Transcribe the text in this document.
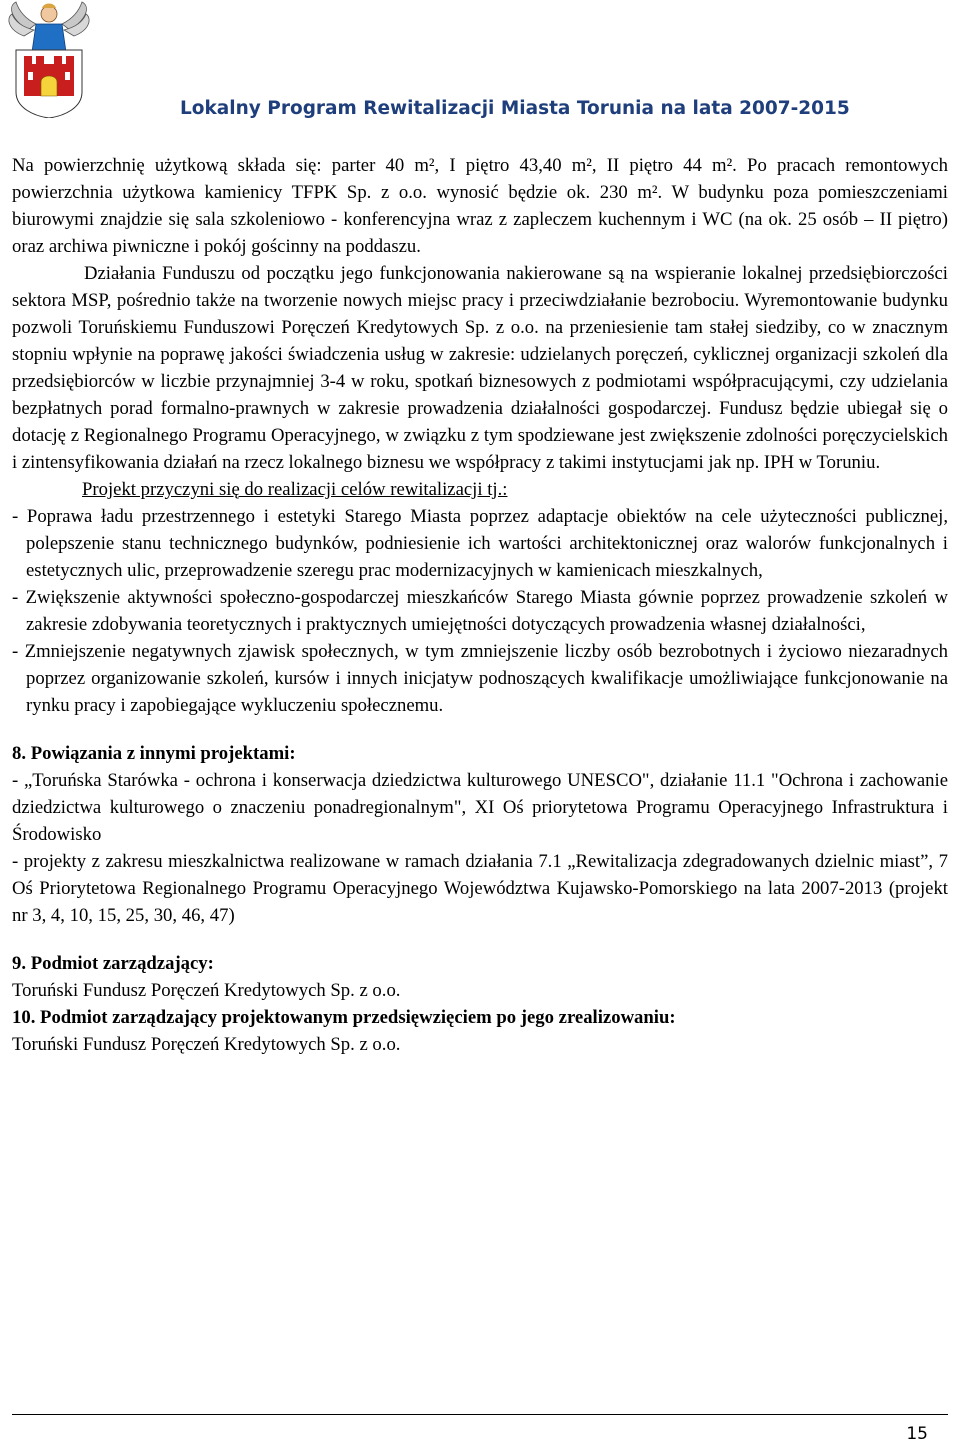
Lokalny Program Rewitalizacji Miasta Torunia na lata 2007-2015

Na powierzchnię użytkową składa się: parter 40 m², I piętro 43,40 m², II piętro 44 m². Po pracach remontowych powierzchnia użytkowa kamienicy TFPK Sp. z o.o. wynosić będzie ok. 230 m². W budynku poza pomieszczeniami biurowymi znajdzie się sala szkoleniowo - konferencyjna wraz z zapleczem kuchennym i WC (na ok. 25 osób – II piętro) oraz archiwa piwniczne i pokój gościnny na poddaszu.

Działania Funduszu od początku jego funkcjonowania nakierowane są na wspieranie lokalnej przedsiębiorczości sektora MSP, pośrednio także na tworzenie nowych miejsc pracy i przeciwdziałanie bezrobociu. Wyremontowanie budynku pozwoli Toruńskiemu Funduszowi Poręczeń Kredytowych Sp. z o.o. na przeniesienie tam stałej siedziby, co w znacznym stopniu wpłynie na poprawę jakości świadczenia usług w zakresie: udzielanych poręczeń, cyklicznej organizacji szkoleń dla przedsiębiorców w liczbie przynajmniej 3-4 w roku, spotkań biznesowych z podmiotami współpracującymi, czy udzielania bezpłatnych porad formalno-prawnych w zakresie prowadzenia działalności gospodarczej. Fundusz będzie ubiegał się o dotację z Regionalnego Programu Operacyjnego, w związku z tym spodziewane jest zwiększenie zdolności poręczycielskich i zintensyfikowania działań na rzecz lokalnego biznesu we współpracy z takimi instytucjami jak np. IPH w Toruniu.

Projekt przyczyni się do realizacji celów rewitalizacji tj.:

- Poprawa ładu przestrzennego i estetyki Starego Miasta poprzez adaptacje obiektów na cele użyteczności publicznej, polepszenie stanu technicznego budynków, podniesienie ich wartości architektonicznej oraz walorów funkcjonalnych i estetycznych ulic, przeprowadzenie szeregu prac modernizacyjnych w kamienicach mieszkalnych,
- Zwiększenie aktywności społeczno-gospodarczej mieszkańców Starego Miasta gównie poprzez prowadzenie szkoleń w zakresie zdobywania teoretycznych i praktycznych umiejętności dotyczących prowadzenia własnej działalności,
- Zmniejszenie negatywnych zjawisk społecznych, w tym zmniejszenie liczby osób bezrobotnych i życiowo niezaradnych poprzez organizowanie szkoleń, kursów i innych inicjatyw podnoszących kwalifikacje umożliwiające funkcjonowanie na rynku pracy i zapobiegające wykluczeniu społecznemu.

8. Powiązania z innymi projektami:

- „Toruńska Starówka - ochrona i konserwacja dziedzictwa kulturowego UNESCO", działanie 11.1 "Ochrona i zachowanie dziedzictwa kulturowego o znaczeniu ponadregionalnym", XI Oś priorytetowa Programu Operacyjnego Infrastruktura i Środowisko

- projekty z zakresu mieszkalnictwa realizowane w ramach działania 7.1 „Rewitalizacja zdegradowanych dzielnic miast”, 7 Oś Priorytetowa Regionalnego Programu Operacyjnego Województwa Kujawsko-Pomorskiego na lata 2007-2013 (projekt nr 3, 4, 10, 15, 25, 30, 46, 47)

9. Podmiot zarządzający:

Toruński Fundusz Poręczeń Kredytowych Sp. z o.o.

10. Podmiot zarządzający projektowanym przedsięwzięciem po jego zrealizowaniu:

Toruński Fundusz Poręczeń Kredytowych Sp. z o.o.

15
